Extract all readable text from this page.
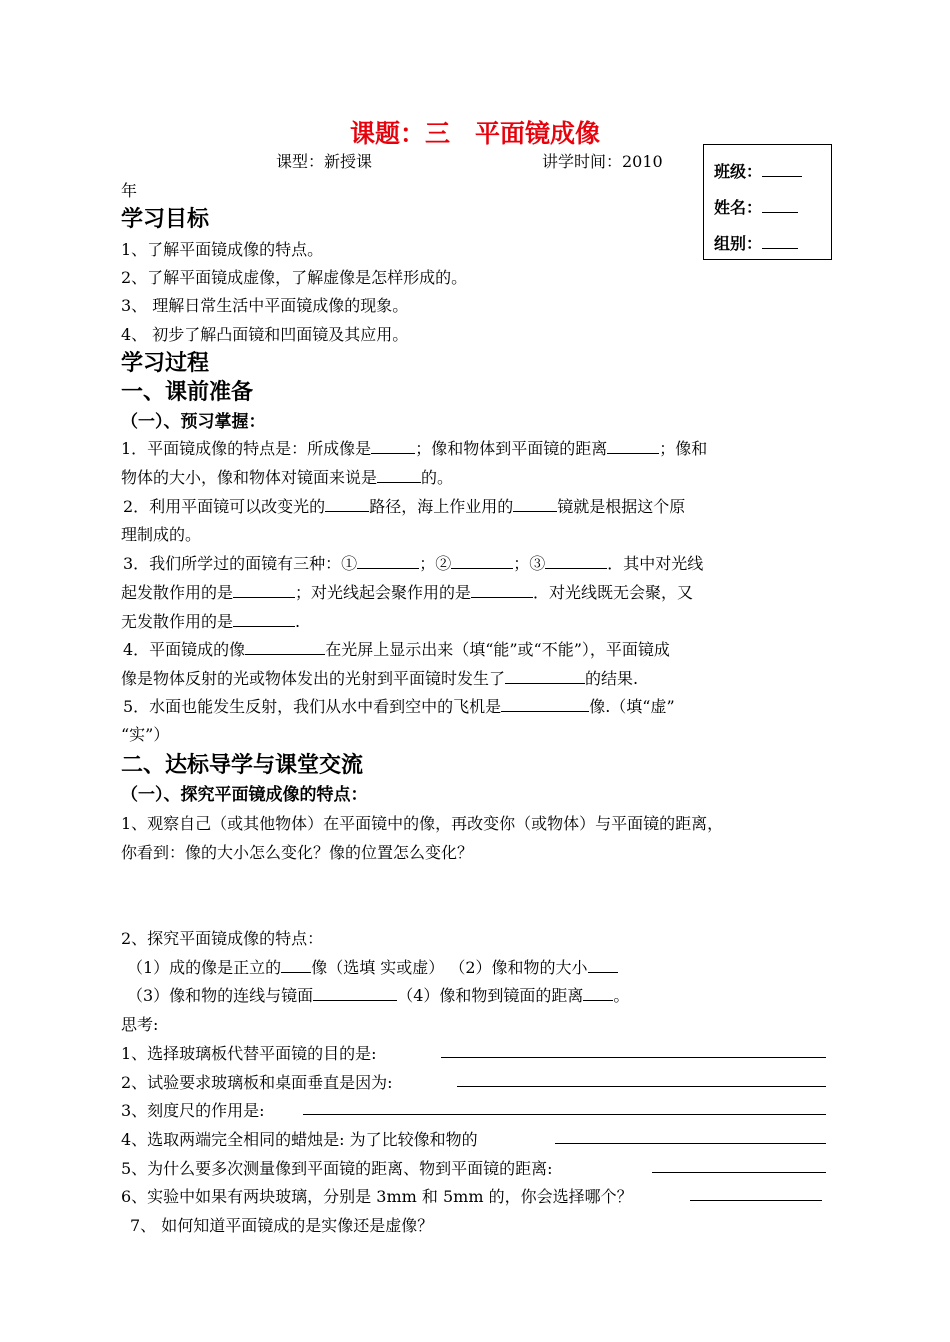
课题：三　平面镜成像
课型：新授课	讲学时间：2010
年
班级：
姓名：
组别：
学习目标
1、了解平面镜成像的特点。
2、了解平面镜成虚像，了解虚像是怎样形成的。
3、 理解日常生活中平面镜成像的现象。
4、 初步了解凸面镜和凹面镜及其应用。
学习过程
一、课前准备
（一）、预习掌握：
1．平面镜成像的特点是：所成像是	；像和物体到平面镜的距离	；像和
物体的大小，像和物体对镜面来说是	的。
2．利用平面镜可以改变光的	路径，海上作业用的	镜就是根据这个原
理制成的。
3．我们所学过的面镜有三种：①	；②	；③	．其中对光线
起发散作用的是	；对光线起会聚作用的是	．对光线既无会聚，又
无发散作用的是	.
4．平面镜成的像	在光屏上显示出来（填“能”或“不能”），平面镜成
像是物体反射的光或物体发出的光射到平面镜时发生了	的结果.
5．水面也能发生反射，我们从水中看到空中的飞机是	像.（填“虚”
“实”）
二、达标导学与课堂交流
（一）、探究平面镜成像的特点：
1、观察自己（或其他物体）在平面镜中的像，再改变你（或物体）与平面镜的距离，
你看到：像的大小怎么变化？像的位置怎么变化？
2、探究平面镜成像的特点：
（1）成的像是正立的 像（选填 实或虚） （2）像和物的大小
（3）像和物的连线与镜面	（4）像和物到镜面的距离 。
思考:
1、选择玻璃板代替平面镜的目的是:
2、试验要求玻璃板和桌面垂直是因为:
3、刻度尺的作用是:
4、选取两端完全相同的蜡烛是: 为了比较像和物的
5、为什么要多次测量像到平面镜的距离、物到平面镜的距离:
6、实验中如果有两块玻璃，分别是 3mm 和 5mm 的，你会选择哪个？
7、 如何知道平面镜成的是实像还是虚像？
